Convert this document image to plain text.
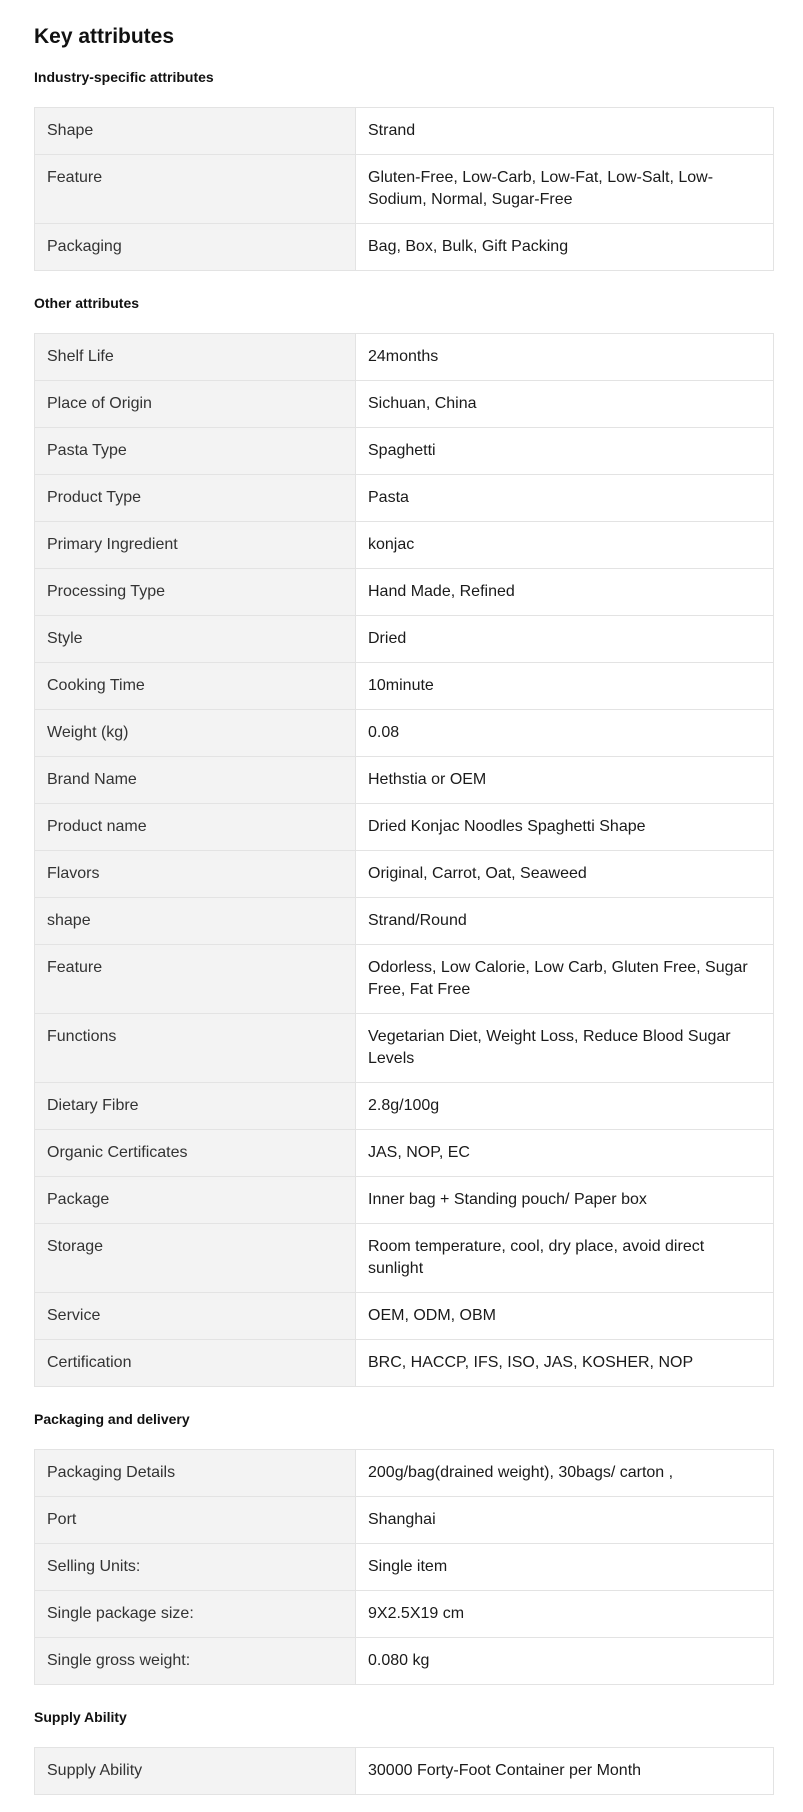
Key attributes
Industry-specific attributes
Shape	Strand
Feature	Gluten-Free, Low-Carb, Low-Fat, Low-Salt, Low-Sodium, Normal, Sugar-Free
Packaging	Bag, Box, Bulk, Gift Packing
Other attributes
Shelf Life	24months
Place of Origin	Sichuan, China
Pasta Type	Spaghetti
Product Type	Pasta
Primary Ingredient	konjac
Processing Type	Hand Made, Refined
Style	Dried
Cooking Time	10minute
Weight (kg)	0.08
Brand Name	Hethstia or OEM
Product name	Dried Konjac Noodles Spaghetti Shape
Flavors	Original, Carrot, Oat, Seaweed
shape	Strand/Round
Feature	Odorless, Low Calorie, Low Carb, Gluten Free, Sugar Free, Fat Free
Functions	Vegetarian Diet, Weight Loss, Reduce Blood Sugar Levels
Dietary Fibre	2.8g/100g
Organic Certificates	JAS, NOP, EC
Package	Inner bag + Standing pouch/ Paper box
Storage	Room temperature, cool, dry place, avoid direct sunlight
Service	OEM, ODM, OBM
Certification	BRC, HACCP, IFS, ISO, JAS, KOSHER, NOP
Packaging and delivery
Packaging Details	200g/bag(drained weight), 30bags/ carton ,
Port	Shanghai
Selling Units:	Single item
Single package size:	9X2.5X19 cm
Single gross weight:	0.080 kg
Supply Ability
Supply Ability	30000 Forty-Foot Container per Month
